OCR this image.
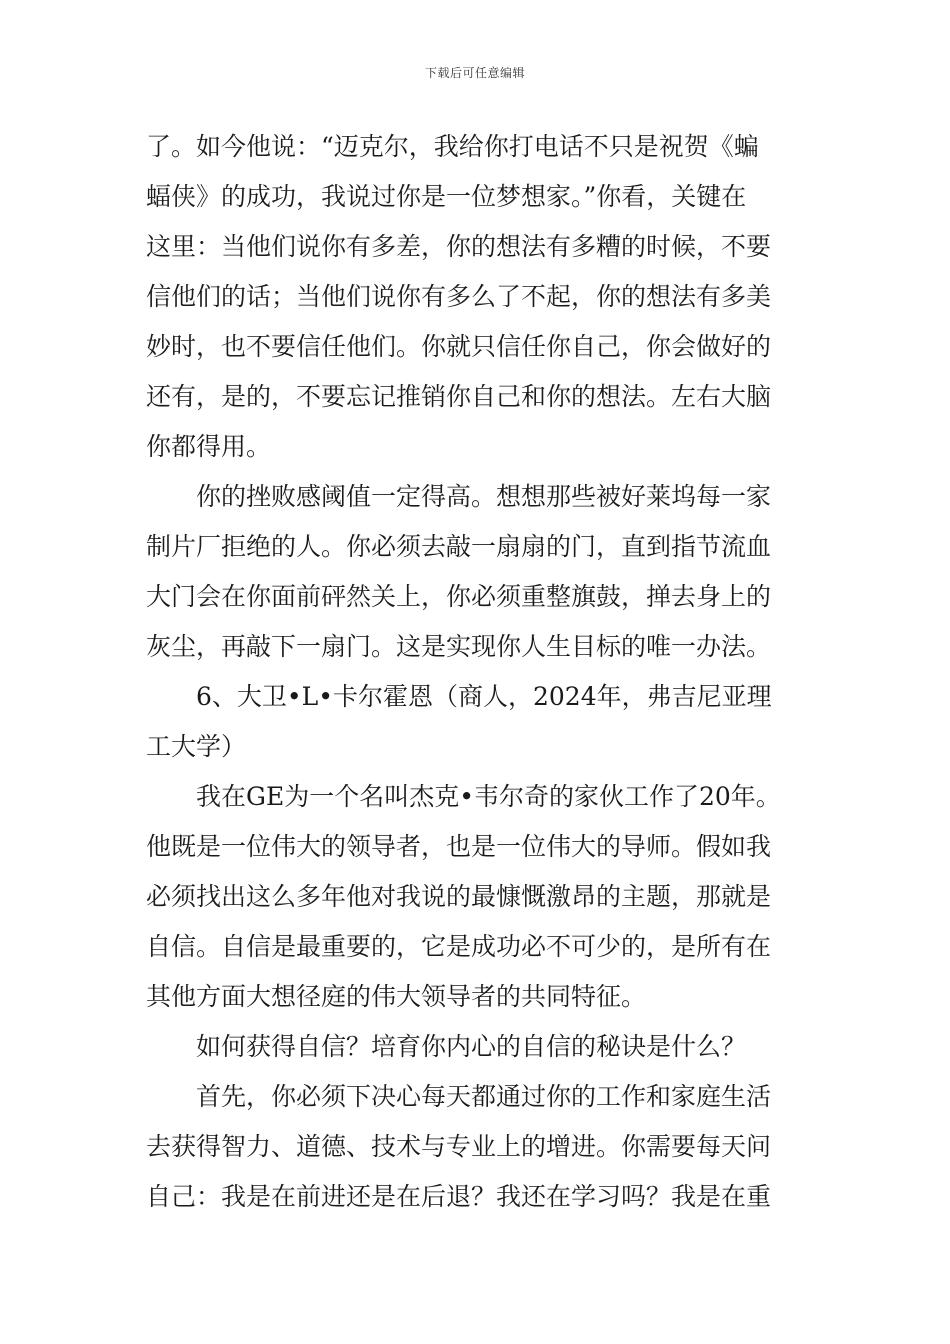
下载后可任意编辑
了。如今他说：“迈克尔，我给你打电话不只是祝贺《蝙
蝠侠》的成功，我说过你是一位梦想家。”你看，关键在
这里：当他们说你有多差，你的想法有多糟的时候，不要
信他们的话；当他们说你有多么了不起，你的想法有多美
妙时，也不要信任他们。你就只信任你自己，你会做好的
还有，是的，不要忘记推销你自己和你的想法。左右大脑
你都得用。
你的挫败感阈值一定得高。想想那些被好莱坞每一家
制片厂拒绝的人。你必须去敲一扇扇的门，直到指节流血
大门会在你面前砰然关上，你必须重整旗鼓，掸去身上的
灰尘，再敲下一扇门。这是实现你人生目标的唯一办法。
6、大卫•L•卡尔霍恩（商人，2024年，弗吉尼亚理
工大学）
我在GE为一个名叫杰克•韦尔奇的家伙工作了20年。
他既是一位伟大的领导者，也是一位伟大的导师。假如我
必须找出这么多年他对我说的最慷慨激昂的主题，那就是
自信。自信是最重要的，它是成功必不可少的，是所有在
其他方面大想径庭的伟大领导者的共同特征。
如何获得自信？培育你内心的自信的秘诀是什么？
首先，你必须下决心每天都通过你的工作和家庭生活
去获得智力、道德、技术与专业上的增进。你需要每天问
自己：我是在前进还是在后退？我还在学习吗？我是在重
